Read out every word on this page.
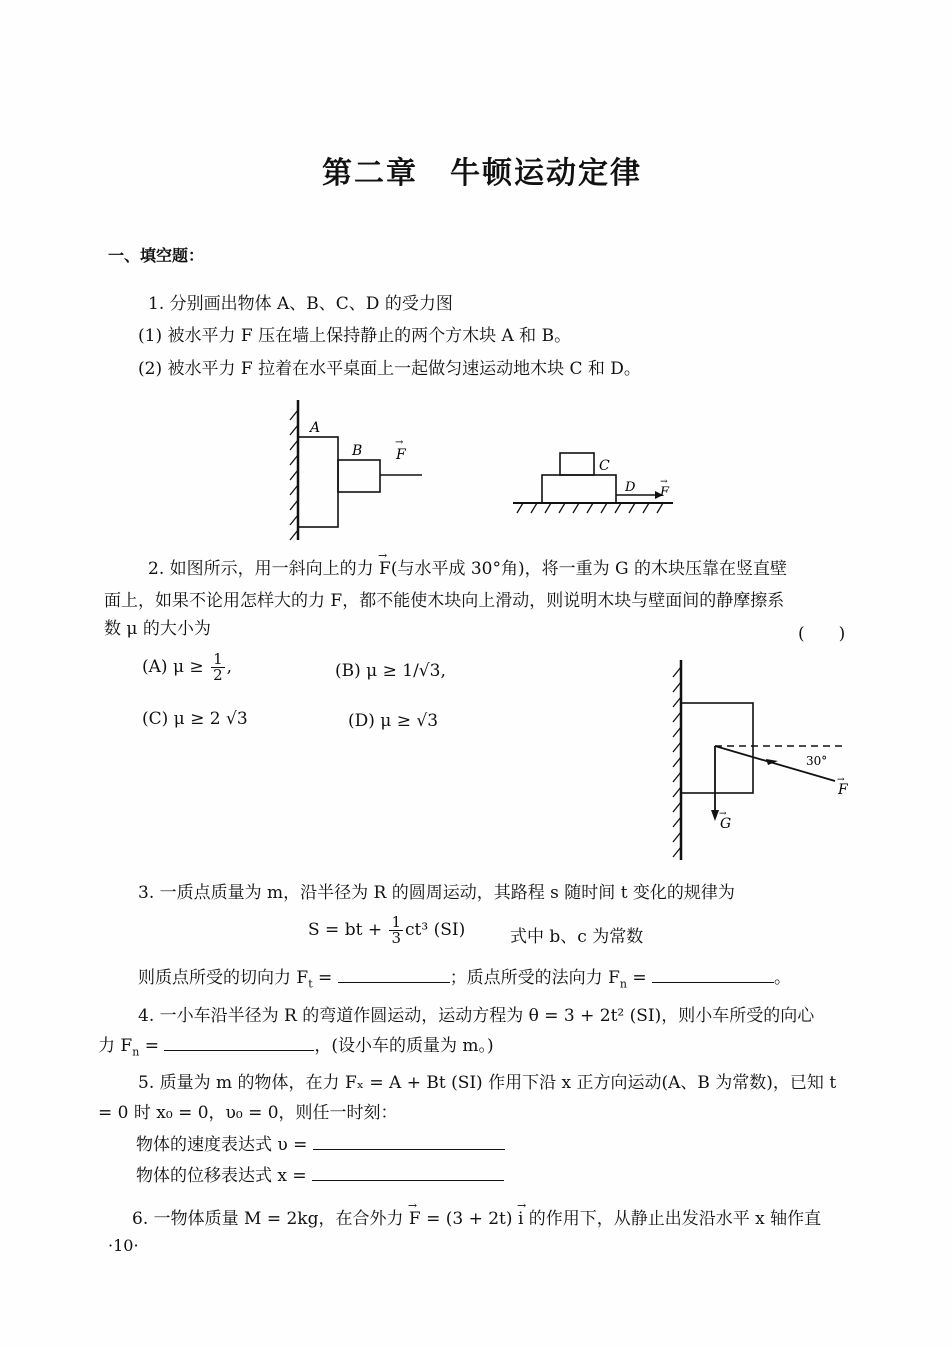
第二章　牛顿运动定律
一、填空题：
1. 分别画出物体 A、B、C、D 的受力图
(1) 被水平力 F 压在墙上保持静止的两个方木块 A 和 B。
(2) 被水平力 F 拉着在水平桌面上一起做匀速运动地木块 C 和 D。
A
B F
→
C
D F
→
2. 如图所示，用一斜向上的力 → F(与水平成 30°角)，将一重为 G 的木块压靠在竖直壁
面上，如果不论用怎样大的力 F，都不能使木块向上滑动，则说明木块与壁面间的静摩擦系
数 μ 的大小为	(　　)
(A) $\mu \ge \frac{1}{2}$ ,	(B) μ ≥ 1/√3,
(C) μ ≥ 2 √3	(D) μ ≥ √3
30°
F
→
G
→
3. 一质点质量为 m，沿半径为 R 的圆周运动，其路程 s 随时间 t 变化的规律为
S = bt + $\frac{1}{3} ct^3$ (SI)	式中 b、c 为常数
则质点所受的切向力 $F_t$ =	；质点所受的法向力 $F_n$ =	。
4. 一小车沿半径为 R 的弯道作圆运动，运动方程为 θ = 3 + 2t² (SI)，则小车所受的向心
力 $F_n$ =	，(设小车的质量为 m。)
5. 质量为 m 的物体，在力 Fₓ = A + Bt (SI) 作用下沿 x 正方向运动(A、B 为常数)，已知 t
= 0 时 x₀ = 0，υ₀ = 0，则任一时刻：
物体的速度表达式 υ =
物体的位移表达式 x =
6. 一物体质量 M = 2kg，在合外力 → F = (3 + 2t) → i 的作用下，从静止出发沿水平 x 轴作直
·10·
